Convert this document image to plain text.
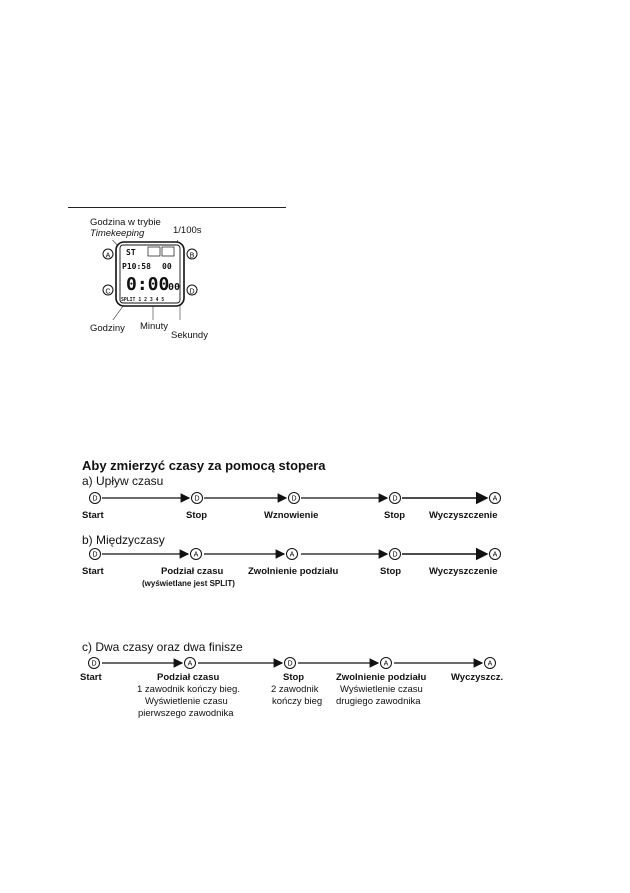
Godzina w trybie
Timekeeping	1/100s
Godziny Minuty
Sekundy
A	B
C	D
ST
P10:58 00
0:00
00
SPLIT 1 2 3 4 5
Aby zmierzyć czasy za pomocą stopera
a) Upływ czasu
D	D	D	D	A
Start	Stop	Wznowienie	Stop	Wyczyszczenie
b) Międzyczasy
D	A	A	D	A
Start	Podział czasu	Zwolnienie podziału	Stop	Wyczyszczenie
(wyświetlane jest SPLIT)
c) Dwa czasy oraz dwa finisze
D	A	D	A	A
Start	Podział czasu	Stop	Zwolnienie podziału	Wyczyszcz.
1 zawodnik kończy bieg.
Wyświetlenie czasu
pierwszego zawodnika
2 zawodnik
kończy bieg
Wyświetlenie czasu
drugiego zawodnika
